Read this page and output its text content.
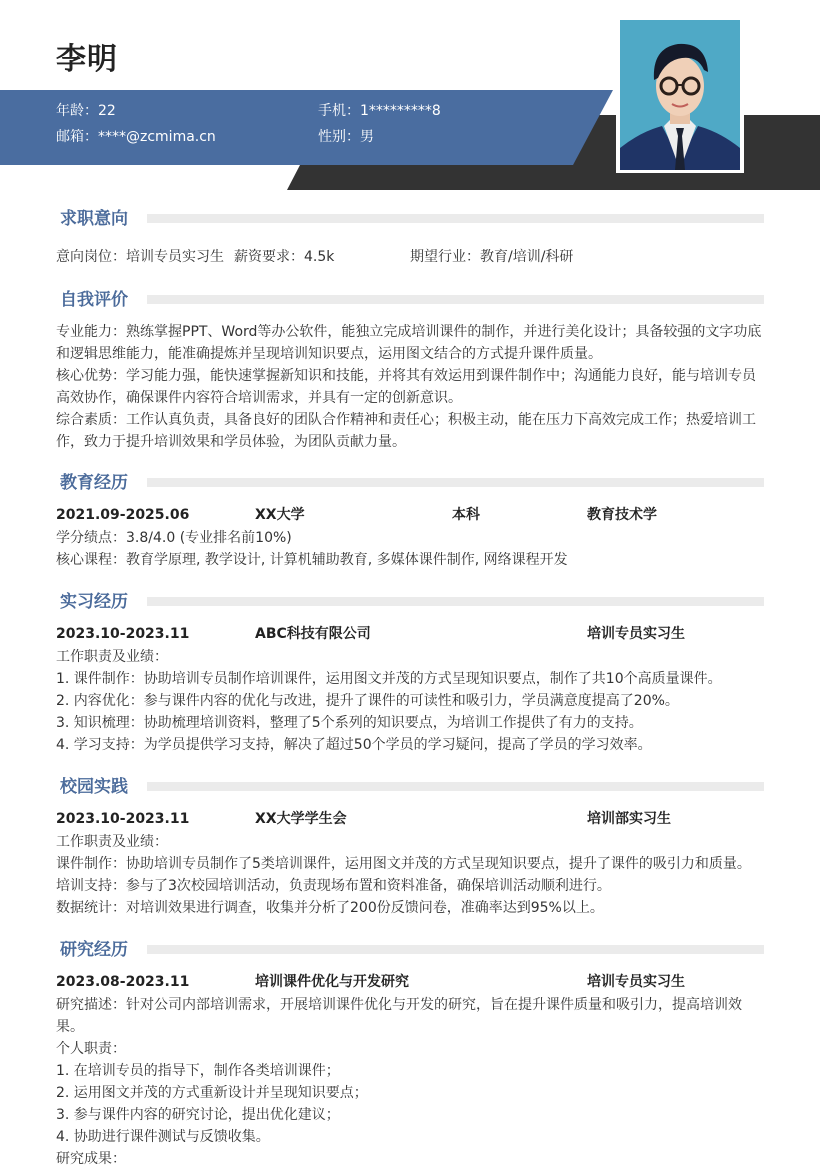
李明
年龄：22	手机：1*********8
邮箱：****@zcmima.cn	性别：男
求职意向
意向岗位：培训专员实习生 薪资要求：4.5k	期望行业：教育/培训/科研
自我评价
专业能力：熟练掌握PPT、Word等办公软件，能独立完成培训课件的制作，并进行美化设计；具备较强的文字功底
和逻辑思维能力，能准确提炼并呈现培训知识要点，运用图文结合的方式提升课件质量。
核心优势：学习能力强，能快速掌握新知识和技能，并将其有效运用到课件制作中；沟通能力良好，能与培训专员
高效协作，确保课件内容符合培训需求，并具有一定的创新意识。
综合素质：工作认真负责，具备良好的团队合作精神和责任心；积极主动，能在压力下高效完成工作；热爱培训工
作，致力于提升培训效果和学员体验，为团队贡献力量。
教育经历
2021.09-2025.06	XX大学	本科	教育技术学
学分绩点：3.8/4.0 (专业排名前10%)
核心课程：教育学原理, 教学设计, 计算机辅助教育, 多媒体课件制作, 网络课程开发
实习经历
2023.10-2023.11	ABC科技有限公司	培训专员实习生
工作职责及业绩：
1. 课件制作：协助培训专员制作培训课件，运用图文并茂的方式呈现知识要点，制作了共10个高质量课件。
2. 内容优化：参与课件内容的优化与改进，提升了课件的可读性和吸引力，学员满意度提高了20%。
3. 知识梳理：协助梳理培训资料，整理了5个系列的知识要点，为培训工作提供了有力的支持。
4. 学习支持：为学员提供学习支持，解决了超过50个学员的学习疑问，提高了学员的学习效率。
校园实践
2023.10-2023.11	XX大学学生会	培训部实习生
工作职责及业绩：
课件制作：协助培训专员制作了5类培训课件，运用图文并茂的方式呈现知识要点，提升了课件的吸引力和质量。
培训支持：参与了3次校园培训活动，负责现场布置和资料准备，确保培训活动顺利进行。
数据统计：对培训效果进行调查，收集并分析了200份反馈问卷，准确率达到95%以上。
研究经历
2023.08-2023.11	培训课件优化与开发研究	培训专员实习生
研究描述：针对公司内部培训需求，开展培训课件优化与开发的研究，旨在提升课件质量和吸引力，提高培训效
果。
个人职责：
1. 在培训专员的指导下，制作各类培训课件；
2. 运用图文并茂的方式重新设计并呈现知识要点；
3. 参与课件内容的研究讨论，提出优化建议；
4. 协助进行课件测试与反馈收集。
研究成果：
